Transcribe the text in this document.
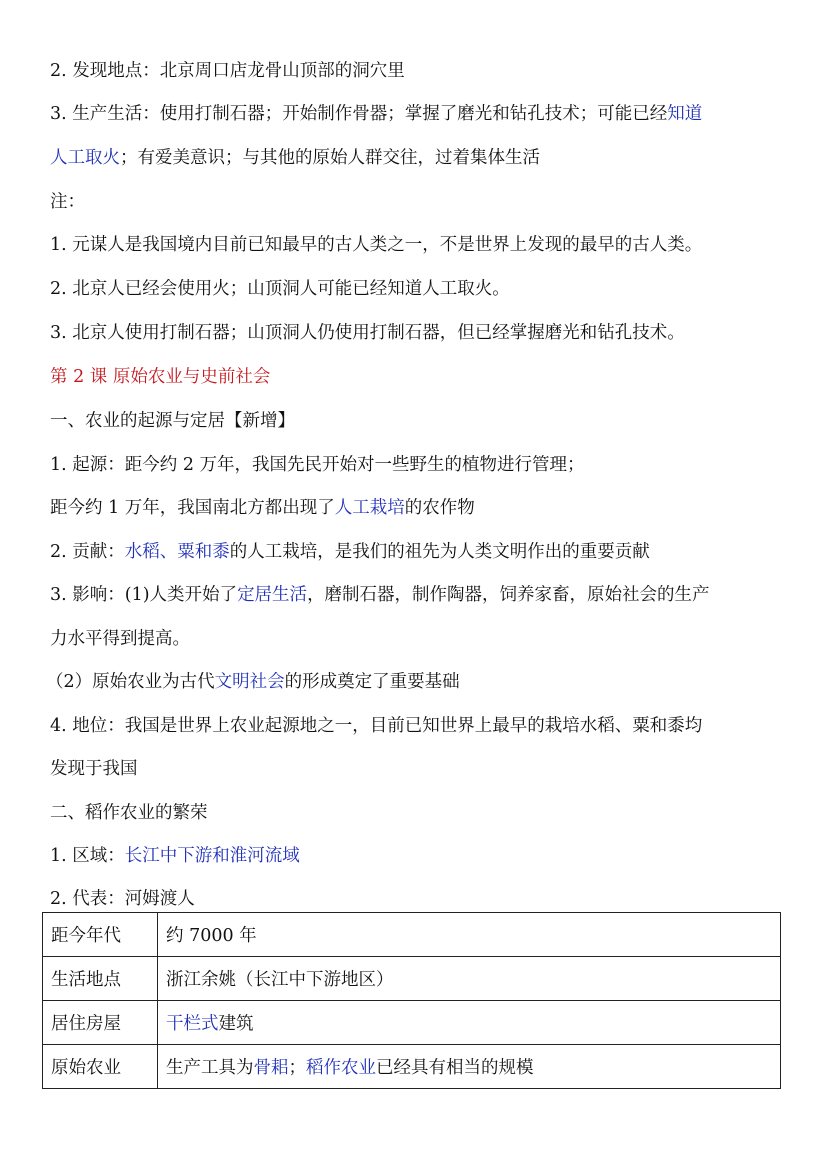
2. 发现地点：北京周口店龙骨山顶部的洞穴里
3. 生产生活：使用打制石器；开始制作骨器；掌握了磨光和钻孔技术；可能已经知道
人工取火；有爱美意识；与其他的原始人群交往，过着集体生活
注：
1. 元谋人是我国境内目前已知最早的古人类之一，不是世界上发现的最早的古人类。
2. 北京人已经会使用火；山顶洞人可能已经知道人工取火。
3. 北京人使用打制石器；山顶洞人仍使用打制石器，但已经掌握磨光和钻孔技术。
第 2 课 原始农业与史前社会
一、农业的起源与定居【新增】
1. 起源：距今约 2 万年，我国先民开始对一些野生的植物进行管理；
距今约 1 万年，我国南北方都出现了人工栽培的农作物
2. 贡献：水稻、粟和黍的人工栽培，是我们的祖先为人类文明作出的重要贡献
3. 影响：(1)人类开始了定居生活，磨制石器，制作陶器，饲养家畜，原始社会的生产
力水平得到提高。
（2）原始农业为古代文明社会的形成奠定了重要基础
4. 地位：我国是世界上农业起源地之一，目前已知世界上最早的栽培水稻、粟和黍均
发现于我国
二、稻作农业的繁荣
1. 区域：长江中下游和淮河流域
2. 代表：河姆渡人
距今年代	约 7000 年
生活地点	浙江余姚（长江中下游地区）
居住房屋	干栏式建筑
原始农业	生产工具为骨耜；稻作农业已经具有相当的规模
